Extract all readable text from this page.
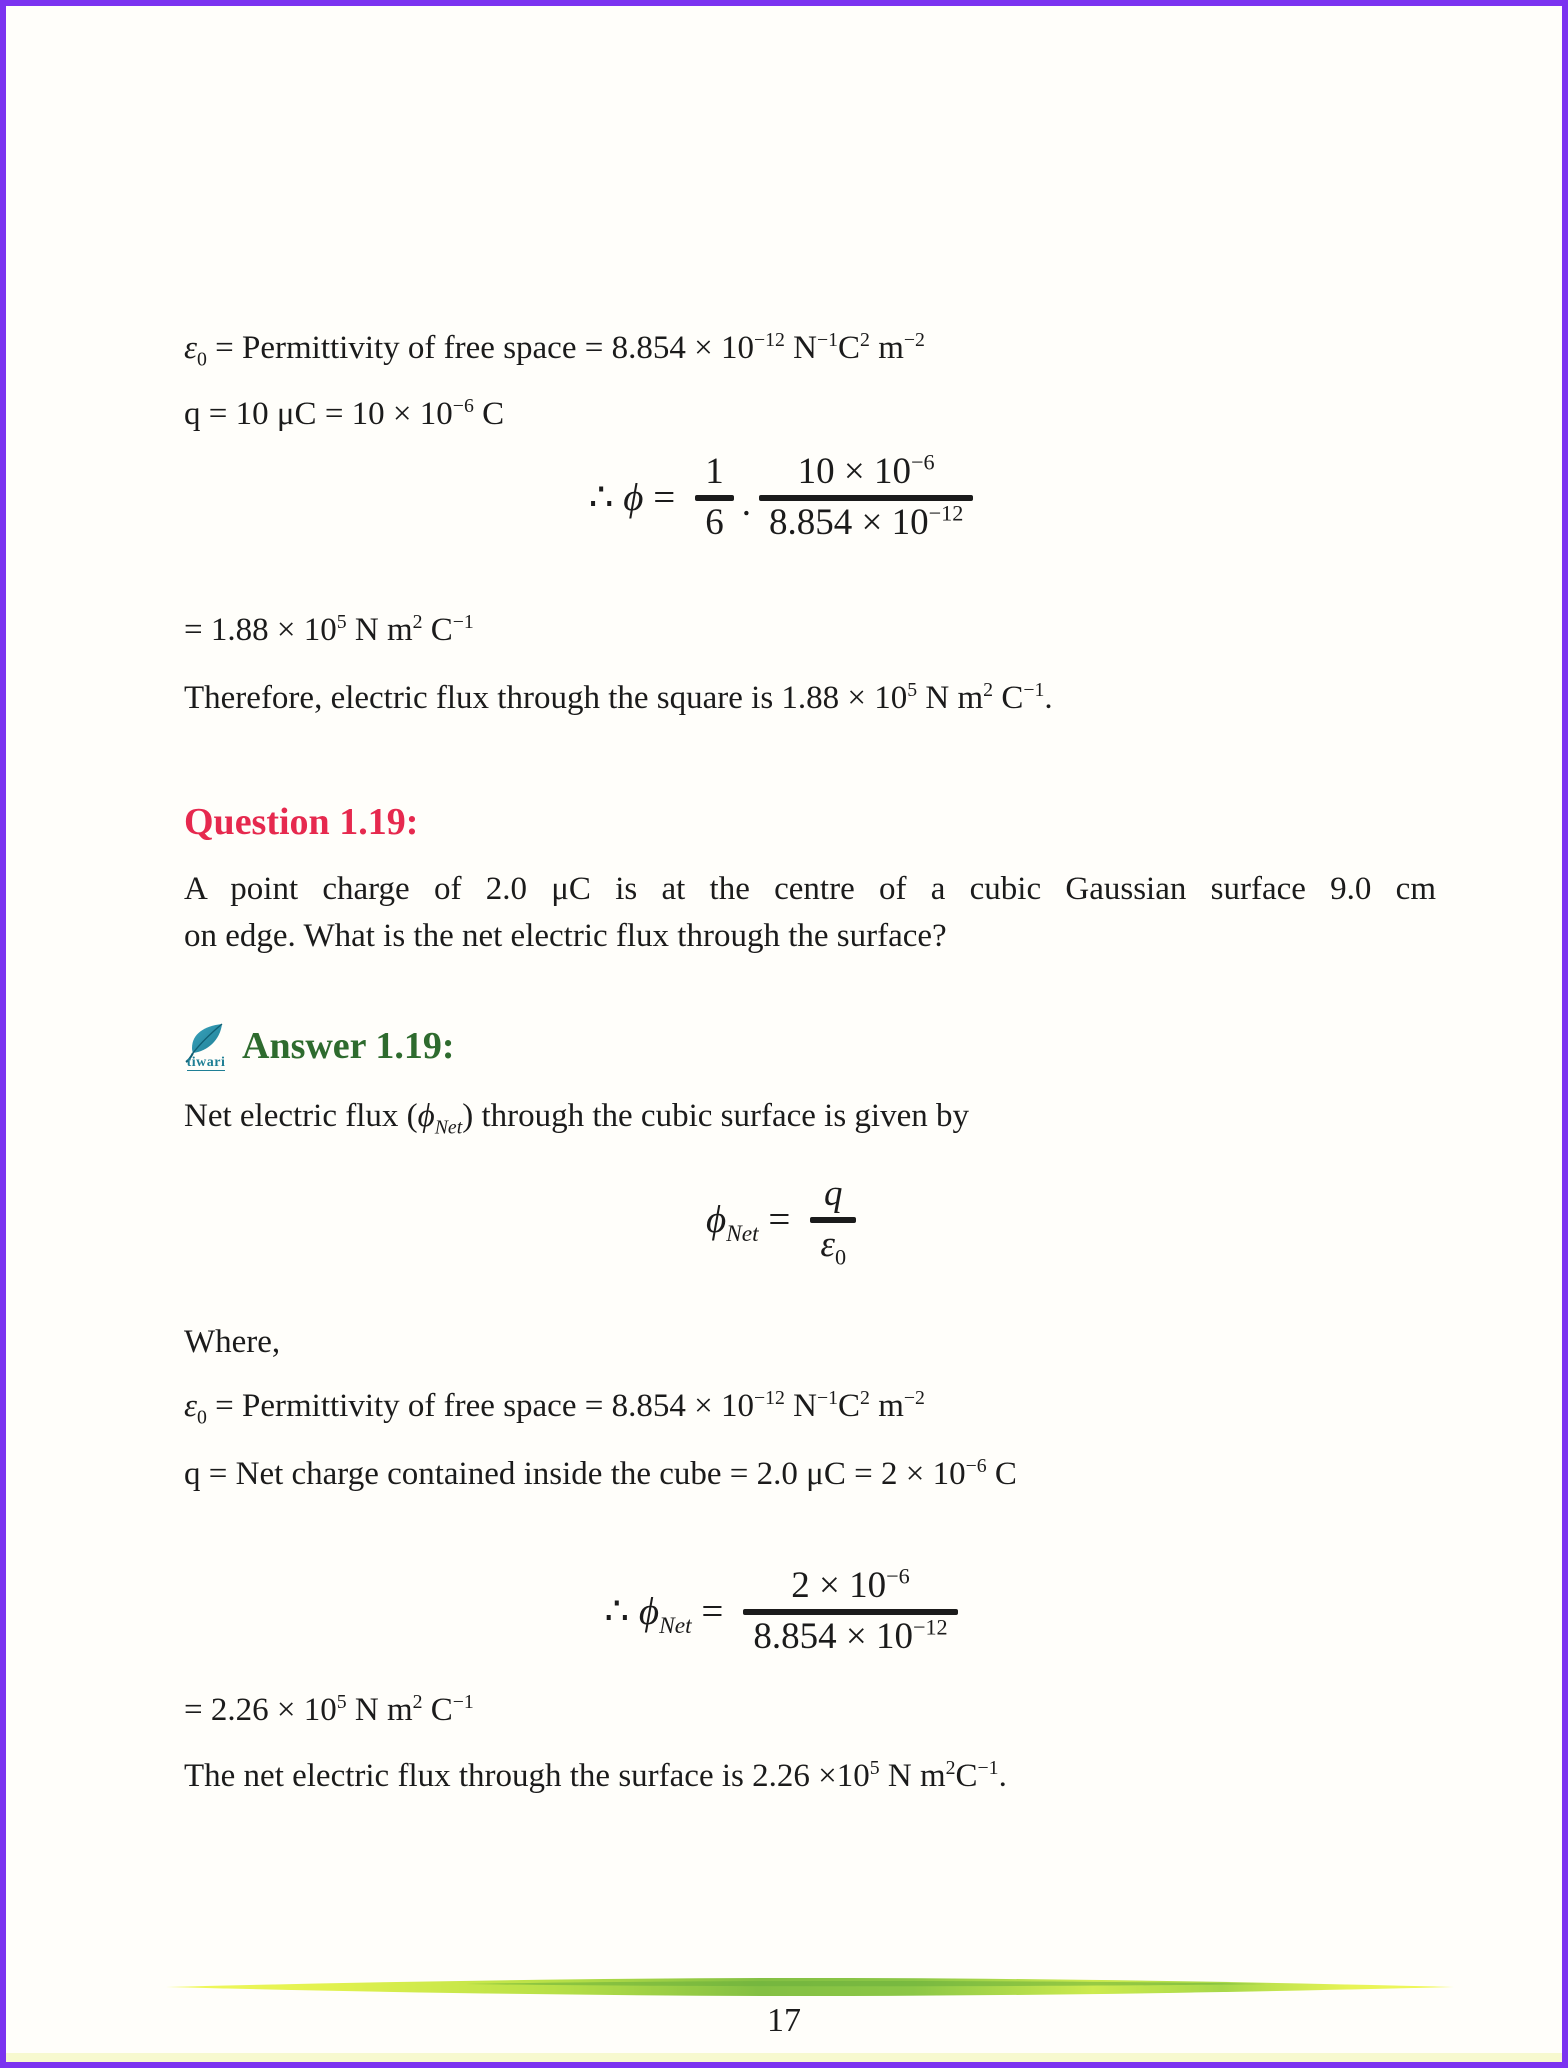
$\varepsilon_0$ = Permittivity of free space = $8.854 \times 10^{-12}$ $N^{-1}C^2$ $m^{-2}$
q = 10 $\mu C = 10 \times 10^{-6}$ C
∴ ϕ =
1
6 .
$10 \times 10^{-6}$
$8.854 \times 10^{-12}$
= $1.88 \times 10^5$ N $m^2$ $C^{-1}$
Therefore, electric flux through the square is $1.88 \times 10^5$ N $m^2$ $C^{-1}$.
Question 1.19:
A point charge of 2.0 μC is at the centre of a cubic Gaussian surface 9.0 cm
on edge. What is the net electric flux through the surface?
tiwari Answer 1.19:
Net electric flux $(\phi_{Net})$ through the cubic surface is given by
$\phi_{Net}$ =
q
$\varepsilon_0$
Where,
$\varepsilon_0$ = Permittivity of free space = $8.854 \times 10^{-12}$ $N^{-1}C^2$ $m^{-2}$
q = Net charge contained inside the cube = 2.0 $\mu C = 2 \times 10^{-6}$ C
∴ $\phi_{Net}$ =
$2 \times 10^{-6}$
$8.854 \times 10^{-12}$
= $2.26 \times 10^5$ N $m^2$ $C^{-1}$
The net electric flux through the surface is $2.26 \times 10^5$ N $m^2C^{-1}$.
17
